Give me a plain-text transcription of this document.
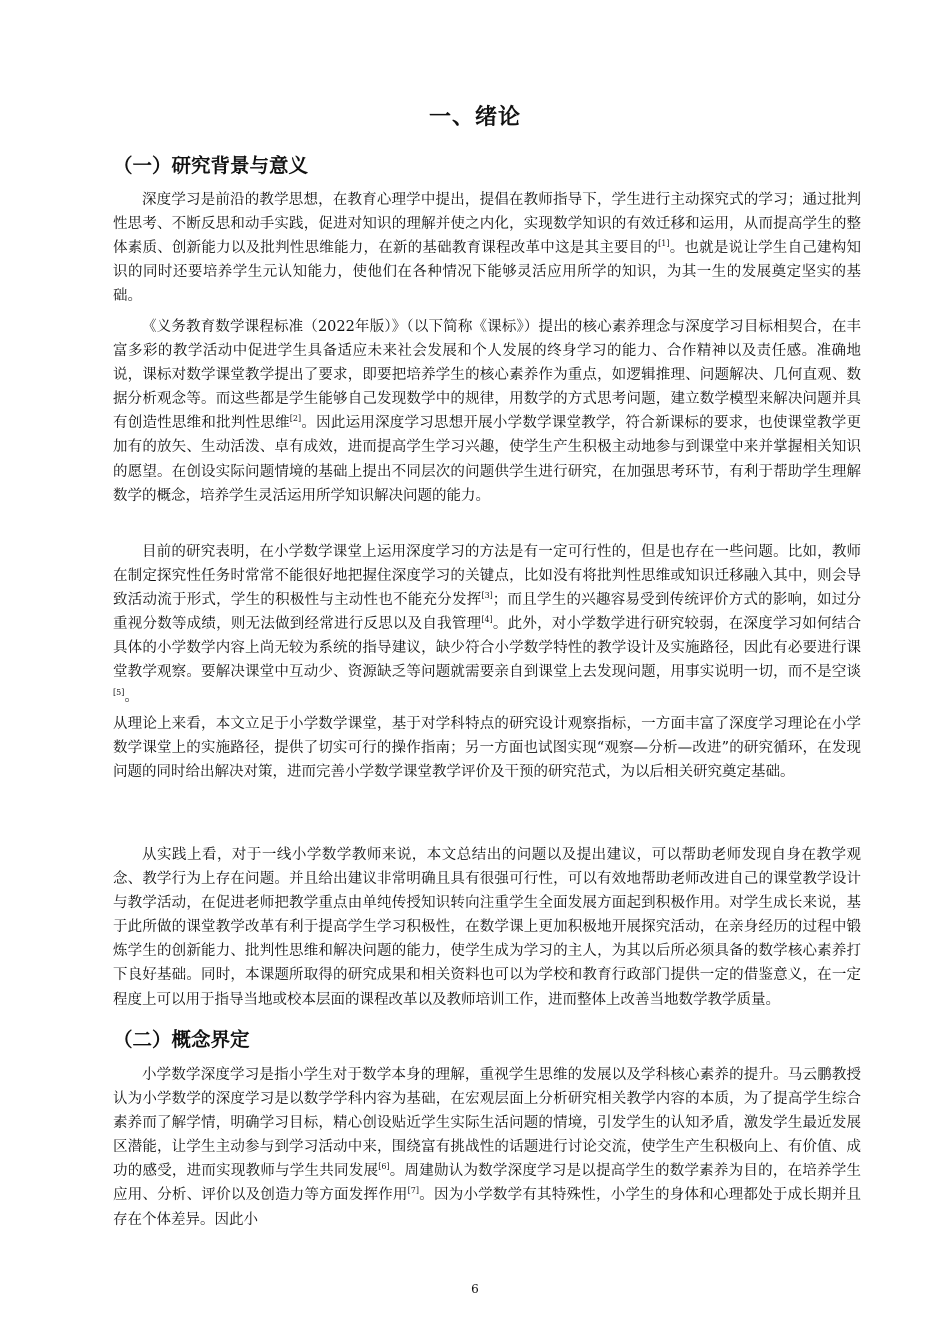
一、绪论
（一）研究背景与意义

深度学习是前沿的教学思想，在教育心理学中提出，提倡在教师指导下，学生进行主动探究式的学习；通过批判性思考、不断反思和动手实践，促进对知识的理解并使之内化，实现数学知识的有效迁移和运用，从而提高学生的整体素质、创新能力以及批判性思维能力，在新的基础教育课程改革中这是其主要目的[1]。也就是说让学生自己建构知识的同时还要培养学生元认知能力，使他们在各种情况下能够灵活应用所学的知识，为其一生的发展奠定坚实的基础。

《义务教育数学课程标准（2022年版）》（以下简称《课标》）提出的核心素养理念与深度学习目标相契合，在丰富多彩的教学活动中促进学生具备适应未来社会发展和个人发展的终身学习的能力、合作精神以及责任感。准确地说，课标对数学课堂教学提出了要求，即要把培养学生的核心素养作为重点，如逻辑推理、问题解决、几何直观、数据分析观念等。而这些都是学生能够自己发现数学中的规律，用数学的方式思考问题，建立数学模型来解决问题并具有创造性思维和批判性思维[2]。因此运用深度学习思想开展小学数学课堂教学，符合新课标的要求，也使课堂教学更加有的放矢、生动活泼、卓有成效，进而提高学生学习兴趣，使学生产生积极主动地参与到课堂中来并掌握相关知识的愿望。在创设实际问题情境的基础上提出不同层次的问题供学生进行研究，在加强思考环节，有利于帮助学生理解数学的概念，培养学生灵活运用所学知识解决问题的能力。

目前的研究表明，在小学数学课堂上运用深度学习的方法是有一定可行性的，但是也存在一些问题。比如，教师在制定探究性任务时常常不能很好地把握住深度学习的关键点，比如没有将批判性思维或知识迁移融入其中，则会导致活动流于形式，学生的积极性与主动性也不能充分发挥[3]；而且学生的兴趣容易受到传统评价方式的影响，如过分重视分数等成绩，则无法做到经常进行反思以及自我管理[4]。此外，对小学数学进行研究较弱，在深度学习如何结合具体的小学数学内容上尚无较为系统的指导建议，缺少符合小学数学特性的教学设计及实施路径，因此有必要进行课堂教学观察。要解决课堂中互动少、资源缺乏等问题就需要亲自到课堂上去发现问题，用事实说明一切，而不是空谈[5]。

从理论上来看，本文立足于小学数学课堂，基于对学科特点的研究设计观察指标，一方面丰富了深度学习理论在小学数学课堂上的实施路径，提供了切实可行的操作指南；另一方面也试图实现“观察—分析—改进”的研究循环，在发现问题的同时给出解决对策，进而完善小学数学课堂教学评价及干预的研究范式，为以后相关研究奠定基础。

从实践上看，对于一线小学数学教师来说，本文总结出的问题以及提出建议，可以帮助老师发现自身在教学观念、教学行为上存在问题。并且给出建议非常明确且具有很强可行性，可以有效地帮助老师改进自己的课堂教学设计与教学活动，在促进老师把教学重点由单纯传授知识转向注重学生全面发展方面起到积极作用。对学生成长来说，基于此所做的课堂教学改革有利于提高学生学习积极性，在数学课上更加积极地开展探究活动，在亲身经历的过程中锻炼学生的创新能力、批判性思维和解决问题的能力，使学生成为学习的主人，为其以后所必须具备的数学核心素养打下良好基础。同时，本课题所取得的研究成果和相关资料也可以为学校和教育行政部门提供一定的借鉴意义，在一定程度上可以用于指导当地或校本层面的课程改革以及教师培训工作，进而整体上改善当地数学教学质量。

（二）概念界定

小学数学深度学习是指小学生对于数学本身的理解，重视学生思维的发展以及学科核心素养的提升。马云鹏教授认为小学数学的深度学习是以数学学科内容为基础，在宏观层面上分析研究相关教学内容的本质，为了提高学生综合素养而了解学情，明确学习目标，精心创设贴近学生实际生活问题的情境，引发学生的认知矛盾，激发学生最近发展区潜能，让学生主动参与到学习活动中来，围绕富有挑战性的话题进行讨论交流，使学生产生积极向上、有价值、成功的感受，进而实现教师与学生共同发展[6]。周建勋认为数学深度学习是以提高学生的数学素养为目的，在培养学生应用、分析、评价以及创造力等方面发挥作用[7]。因为小学数学有其特殊性，小学生的身体和心理都处于成长期并且存在个体差异。因此小

6
